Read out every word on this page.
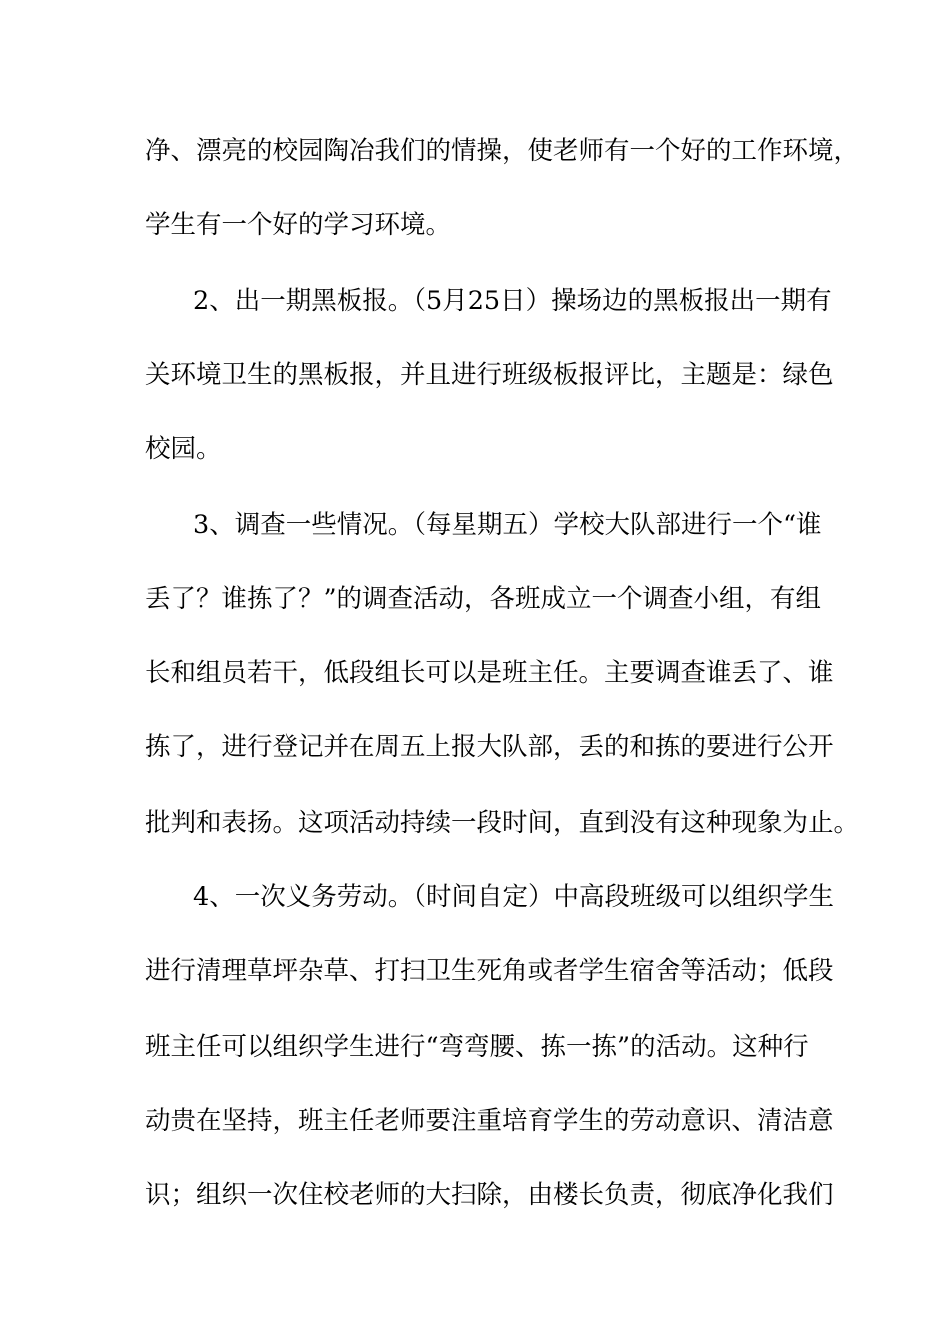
净、漂亮的校园陶冶我们的情操，使老师有一个好的工作环境，
学生有一个好的学习环境。
2、出一期黑板报。（5月25日）操场边的黑板报出一期有
关环境卫生的黑板报，并且进行班级板报评比，主题是：绿色
校园。
3、调查一些情况。（每星期五）学校大队部进行一个“谁
丢了？谁拣了？”的调查活动，各班成立一个调查小组，有组
长和组员若干，低段组长可以是班主任。主要调查谁丢了、谁
拣了，进行登记并在周五上报大队部，丢的和拣的要进行公开
批判和表扬。这项活动持续一段时间，直到没有这种现象为止。
4、一次义务劳动。（时间自定）中高段班级可以组织学生
进行清理草坪杂草、打扫卫生死角或者学生宿舍等活动；低段
班主任可以组织学生进行“弯弯腰、拣一拣”的活动。这种行
动贵在坚持，班主任老师要注重培育学生的劳动意识、清洁意
识；组织一次住校老师的大扫除，由楼长负责，彻底净化我们
